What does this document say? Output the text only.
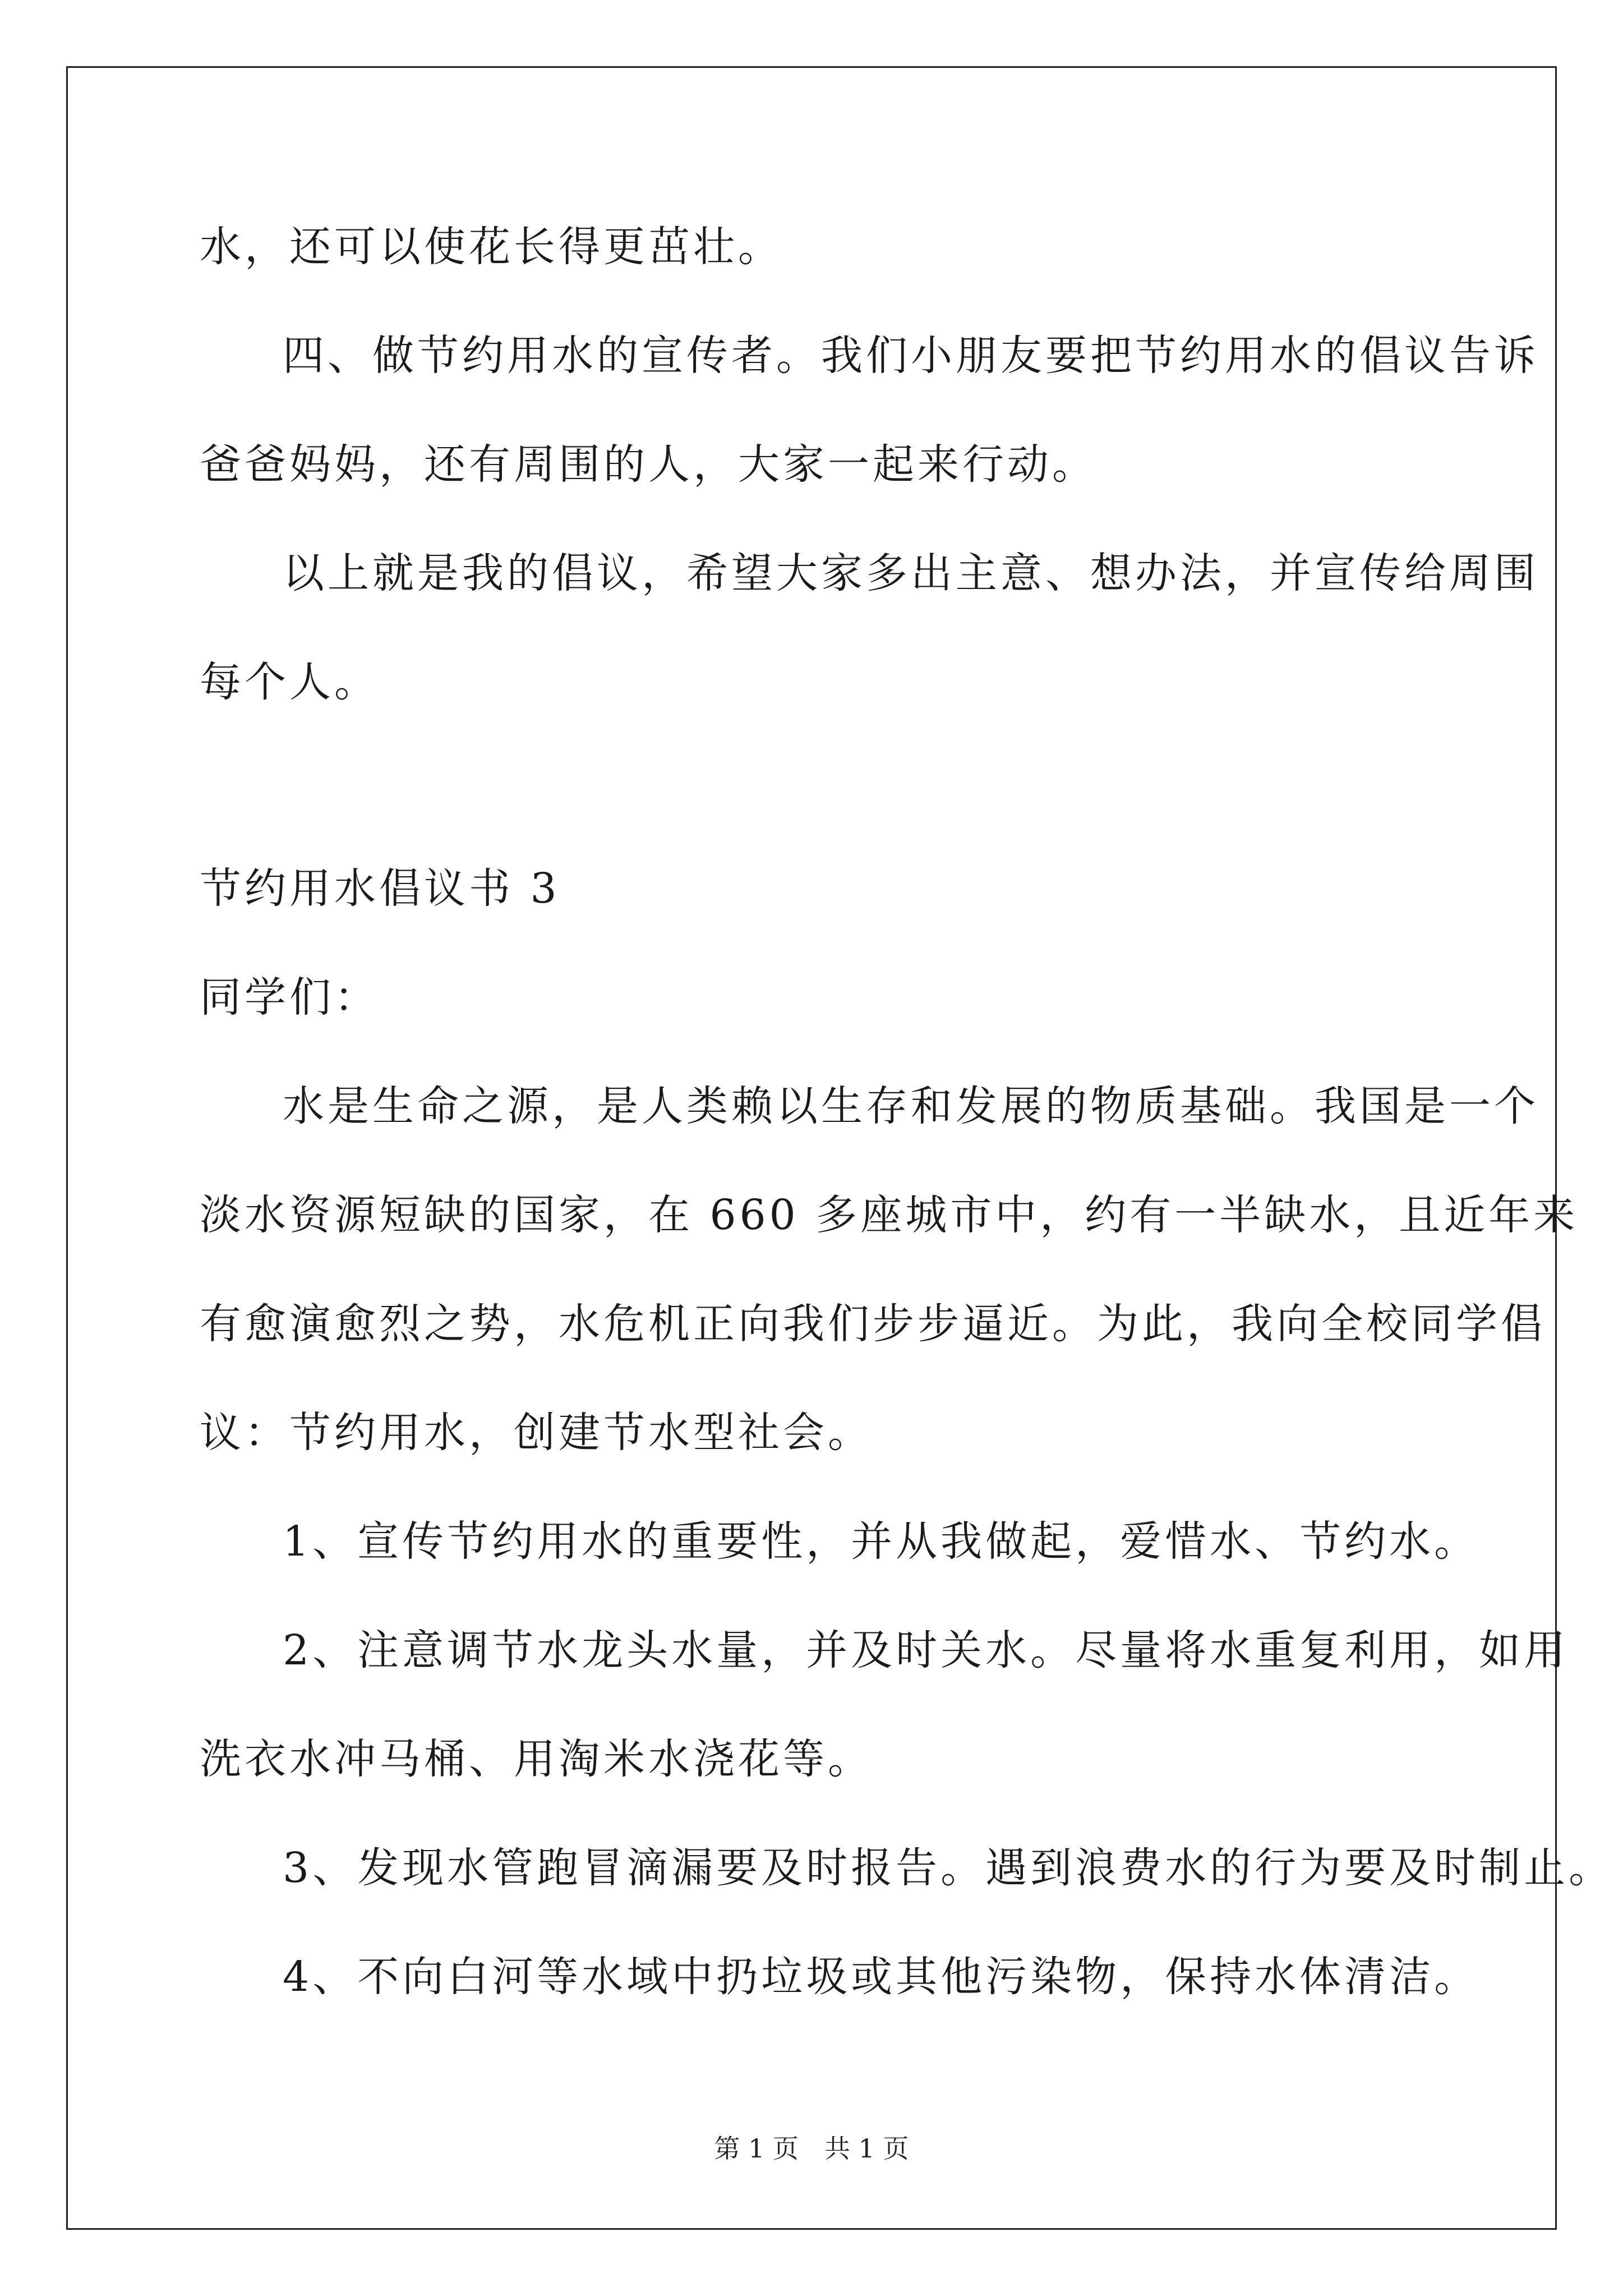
水，还可以使花长得更茁壮。
四、做节约用水的宣传者。我们小朋友要把节约用水的倡议告诉
爸爸妈妈，还有周围的人，大家一起来行动。
以上就是我的倡议，希望大家多出主意、想办法，并宣传给周围
每个人。
节约用水倡议书 3
同学们：
水是生命之源，是人类赖以生存和发展的物质基础。我国是一个
淡水资源短缺的国家，在 660 多座城市中，约有一半缺水，且近年来
有愈演愈烈之势，水危机正向我们步步逼近。为此，我向全校同学倡
议：节约用水，创建节水型社会。
1、宣传节约用水的重要性，并从我做起，爱惜水、节约水。
2、注意调节水龙头水量，并及时关水。尽量将水重复利用，如用
洗衣水冲马桶、用淘米水浇花等。
3、发现水管跑冒滴漏要及时报告。遇到浪费水的行为要及时制止。
4、不向白河等水域中扔垃圾或其他污染物，保持水体清洁。
第 1 页　共 1 页
